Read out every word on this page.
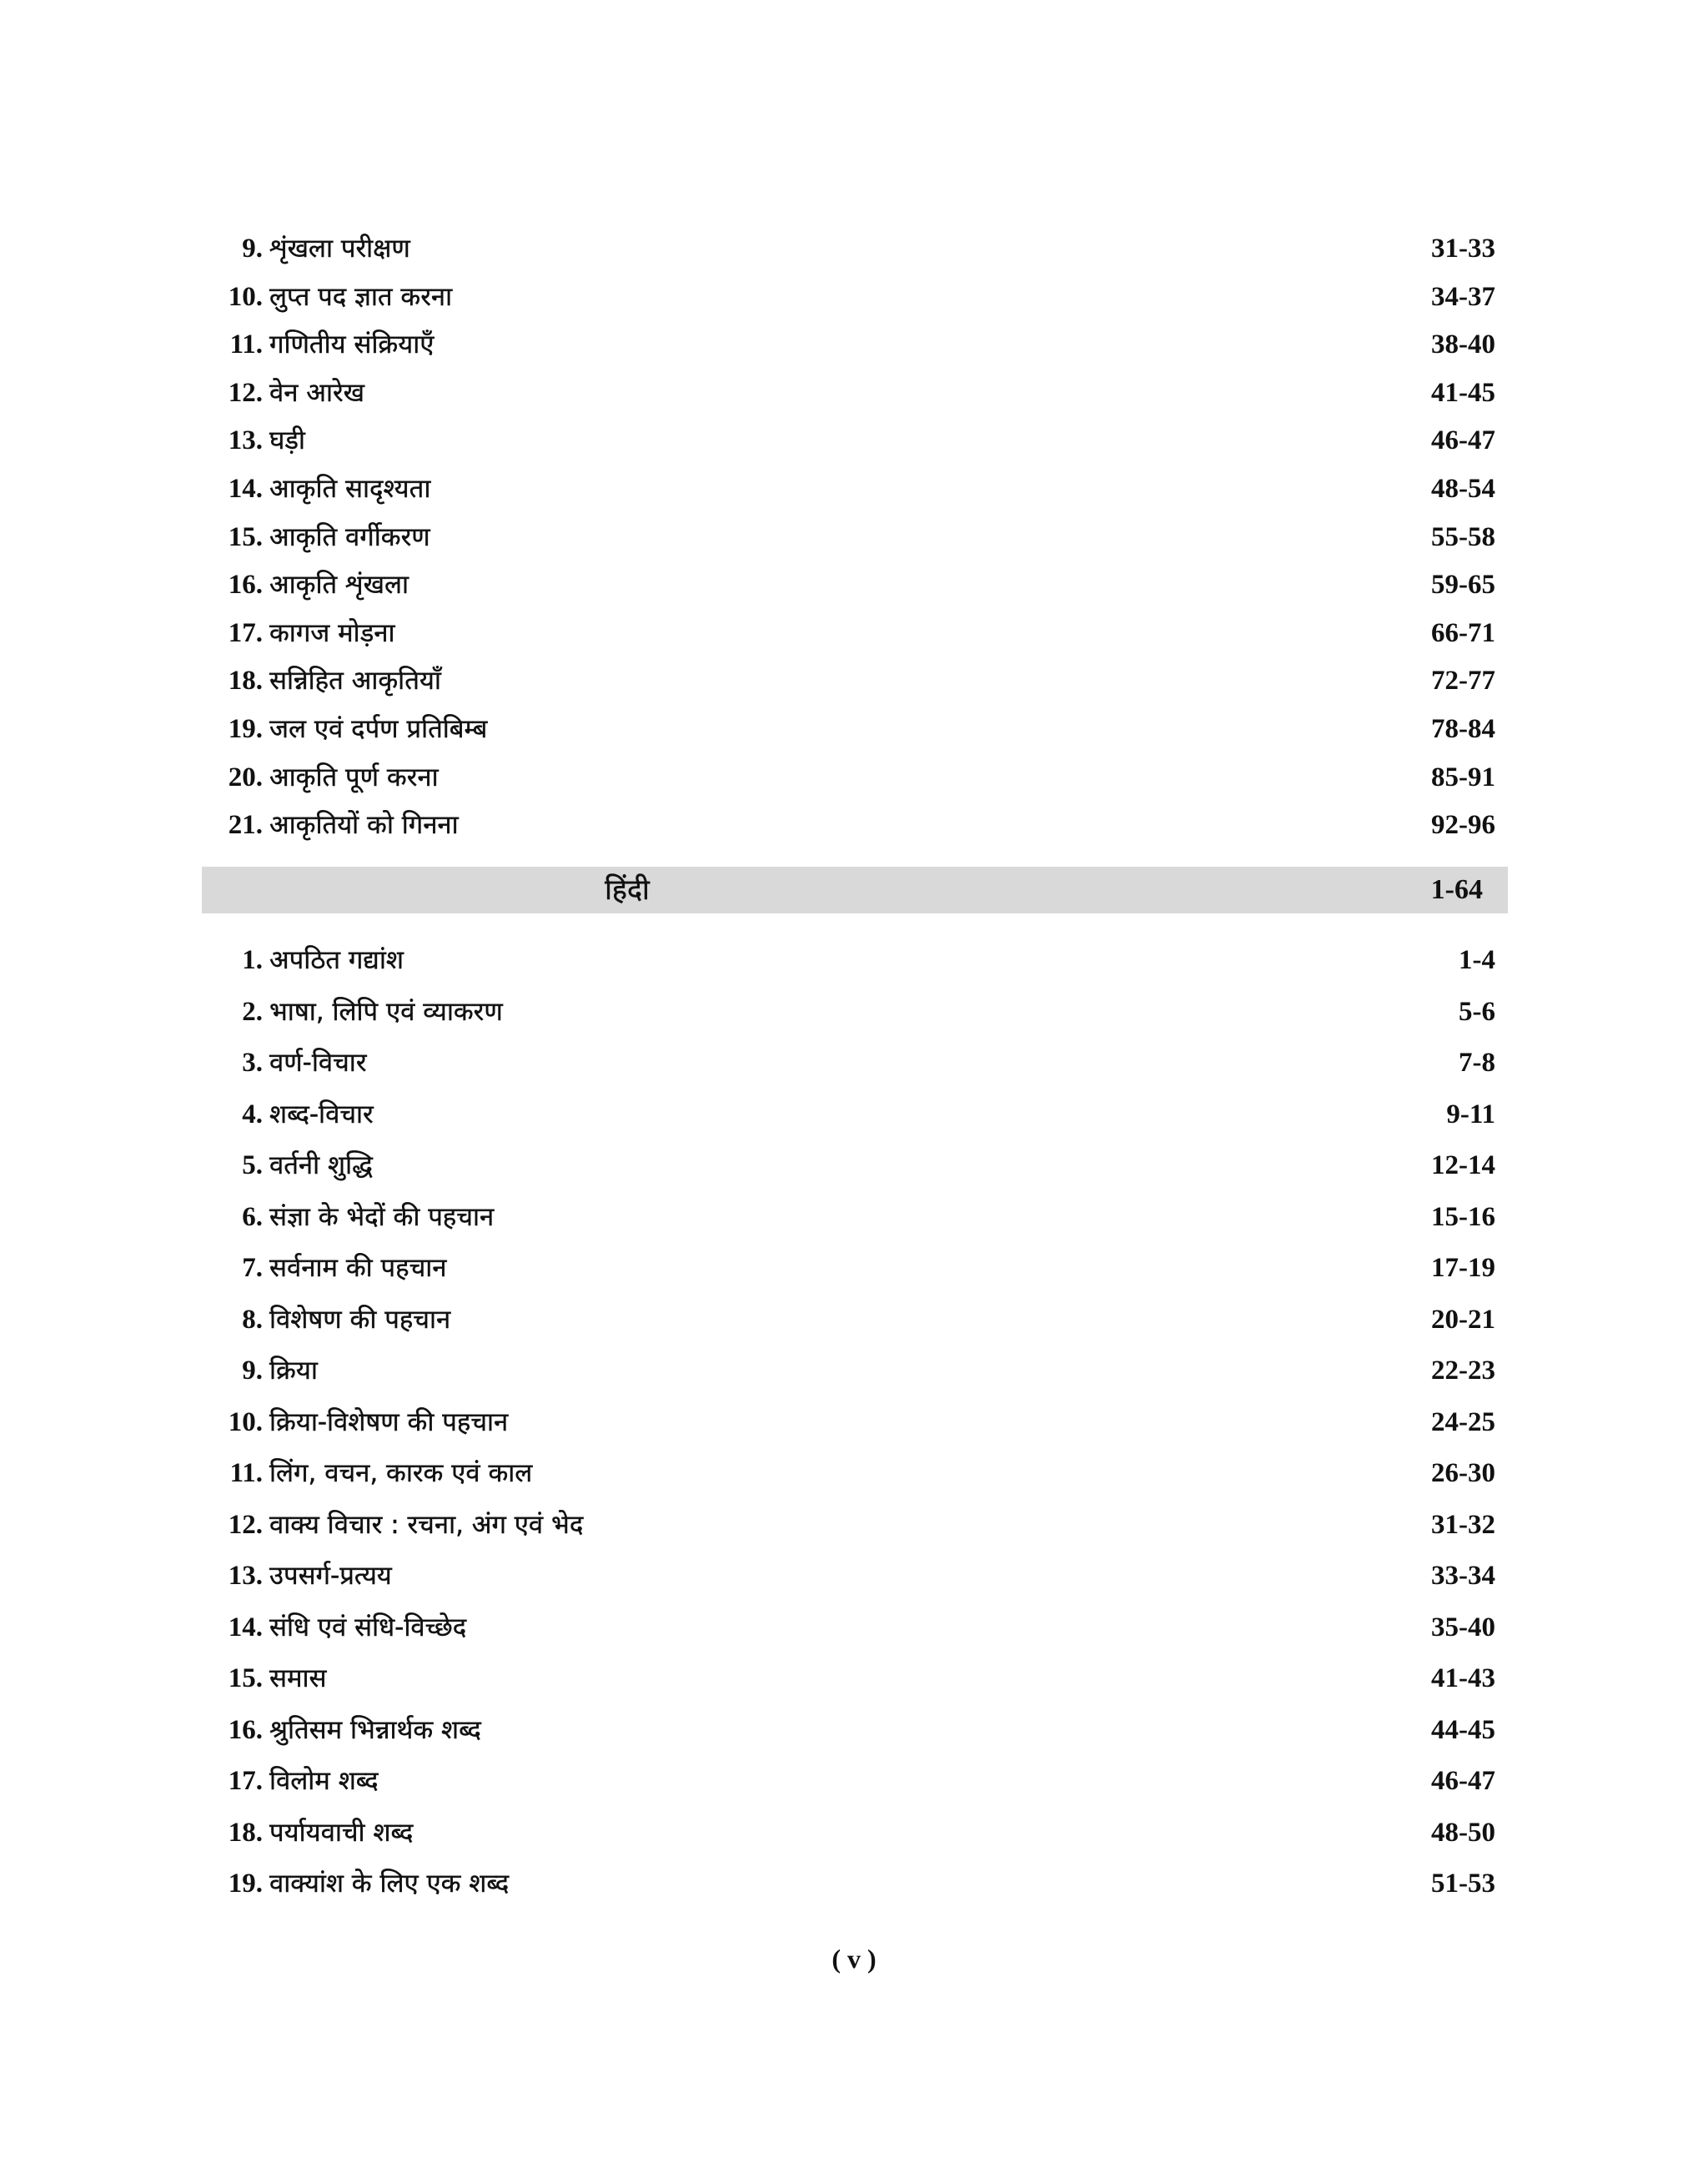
9. शृंखला परीक्षण	31-33
10. लुप्त पद ज्ञात करना	34-37
11. गणितीय संक्रियाएँ	38-40
12. वेन आरेख	41-45
13. घड़ी	46-47
14. आकृति सादृश्यता	48-54
15. आकृति वर्गीकरण	55-58
16. आकृति शृंखला	59-65
17. कागज मोड़ना	66-71
18. सन्निहित आकृतियाँ	72-77
19. जल एवं दर्पण प्रतिबिम्ब	78-84
20. आकृति पूर्ण करना	85-91
21. आकृतियों को गिनना	92-96
हिंदी	1-64
1. अपठित गद्यांश	1-4
2. भाषा, लिपि एवं व्याकरण	5-6
3. वर्ण-विचार	7-8
4. शब्द-विचार	9-11
5. वर्तनी शुद्धि	12-14
6. संज्ञा के भेदों की पहचान	15-16
7. सर्वनाम की पहचान	17-19
8. विशेषण की पहचान	20-21
9. क्रिया	22-23
10. क्रिया-विशेषण की पहचान	24-25
11. लिंग, वचन, कारक एवं काल	26-30
12. वाक्य विचार : रचना, अंग एवं भेद	31-32
13. उपसर्ग-प्रत्यय	33-34
14. संधि एवं संधि-विच्छेद	35-40
15. समास	41-43
16. श्रुतिसम भिन्नार्थक शब्द	44-45
17. विलोम शब्द	46-47
18. पर्यायवाची शब्द	48-50
19. वाक्यांश के लिए एक शब्द	51-53
( v )
